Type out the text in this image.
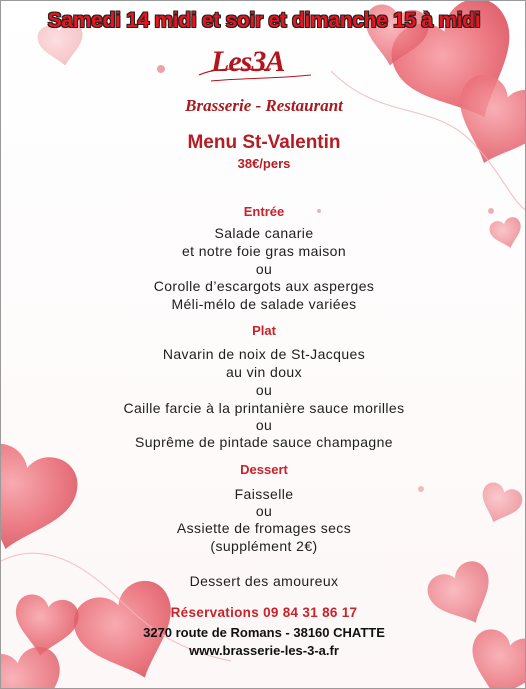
Samedi 14 midi et soir et dimanche 15 à midi
Les3A
Brasserie - Restaurant
Menu St-Valentin
38€/pers
Entrée
Salade canarie
et notre foie gras maison
ou
Corolle d’escargots aux asperges
Méli-mélo de salade variées
Plat
Navarin de noix de St-Jacques
au vin doux
ou
Caille farcie à la printanière sauce morilles
ou
Suprême de pintade sauce champagne
Dessert
Faisselle
ou
Assiette de fromages secs
(supplément 2€)
Dessert des amoureux
Réservations 09 84 31 86 17
3270 route de Romans - 38160 CHATTE
www.brasserie-les-3-a.fr
